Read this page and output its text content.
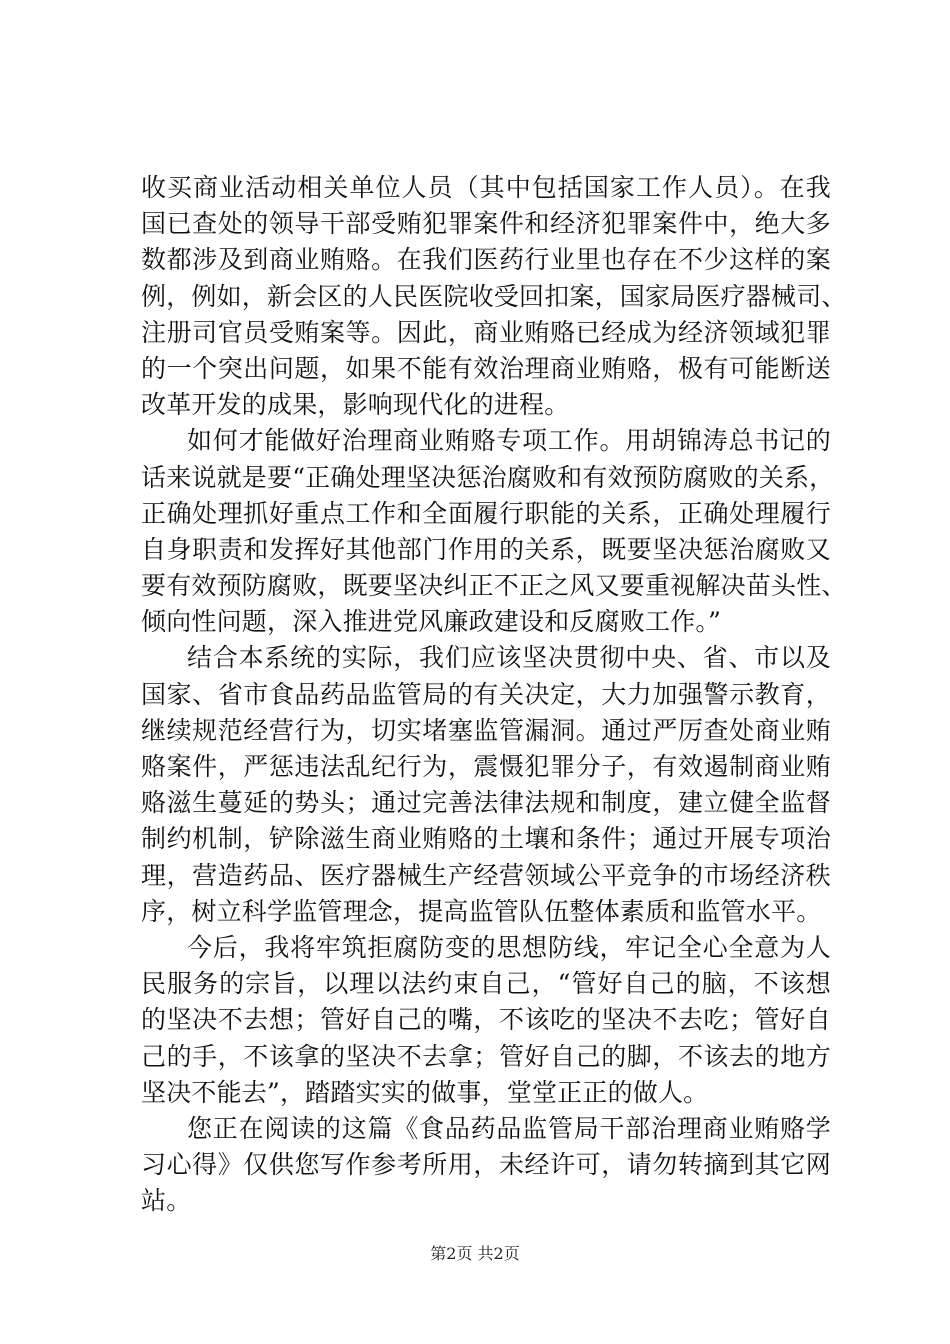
收买商业活动相关单位人员（其中包括国家工作人员）。在我
国已查处的领导干部受贿犯罪案件和经济犯罪案件中，绝大多
数都涉及到商业贿赂。在我们医药行业里也存在不少这样的案
例，例如，新会区的人民医院收受回扣案，国家局医疗器械司、
注册司官员受贿案等。因此，商业贿赂已经成为经济领域犯罪
的一个突出问题，如果不能有效治理商业贿赂，极有可能断送
改革开发的成果，影响现代化的进程。
如何才能做好治理商业贿赂专项工作。用胡锦涛总书记的
话来说就是要“正确处理坚决惩治腐败和有效预防腐败的关系，
正确处理抓好重点工作和全面履行职能的关系，正确处理履行
自身职责和发挥好其他部门作用的关系，既要坚决惩治腐败又
要有效预防腐败，既要坚决纠正不正之风又要重视解决苗头性、
倾向性问题，深入推进党风廉政建设和反腐败工作。”
结合本系统的实际，我们应该坚决贯彻中央、省、市以及
国家、省市食品药品监管局的有关决定，大力加强警示教育，
继续规范经营行为，切实堵塞监管漏洞。通过严厉查处商业贿
赂案件，严惩违法乱纪行为，震慑犯罪分子，有效遏制商业贿
赂滋生蔓延的势头；通过完善法律法规和制度，建立健全监督
制约机制，铲除滋生商业贿赂的土壤和条件；通过开展专项治
理，营造药品、医疗器械生产经营领域公平竞争的市场经济秩
序，树立科学监管理念，提高监管队伍整体素质和监管水平。
今后，我将牢筑拒腐防变的思想防线，牢记全心全意为人
民服务的宗旨，以理以法约束自己，“管好自己的脑，不该想
的坚决不去想；管好自己的嘴，不该吃的坚决不去吃；管好自
己的手，不该拿的坚决不去拿；管好自己的脚，不该去的地方
坚决不能去”，踏踏实实的做事，堂堂正正的做人。
您正在阅读的这篇《食品药品监管局干部治理商业贿赂学
习心得》仅供您写作参考所用，未经许可，请勿转摘到其它网
站。
第2页 共2页
